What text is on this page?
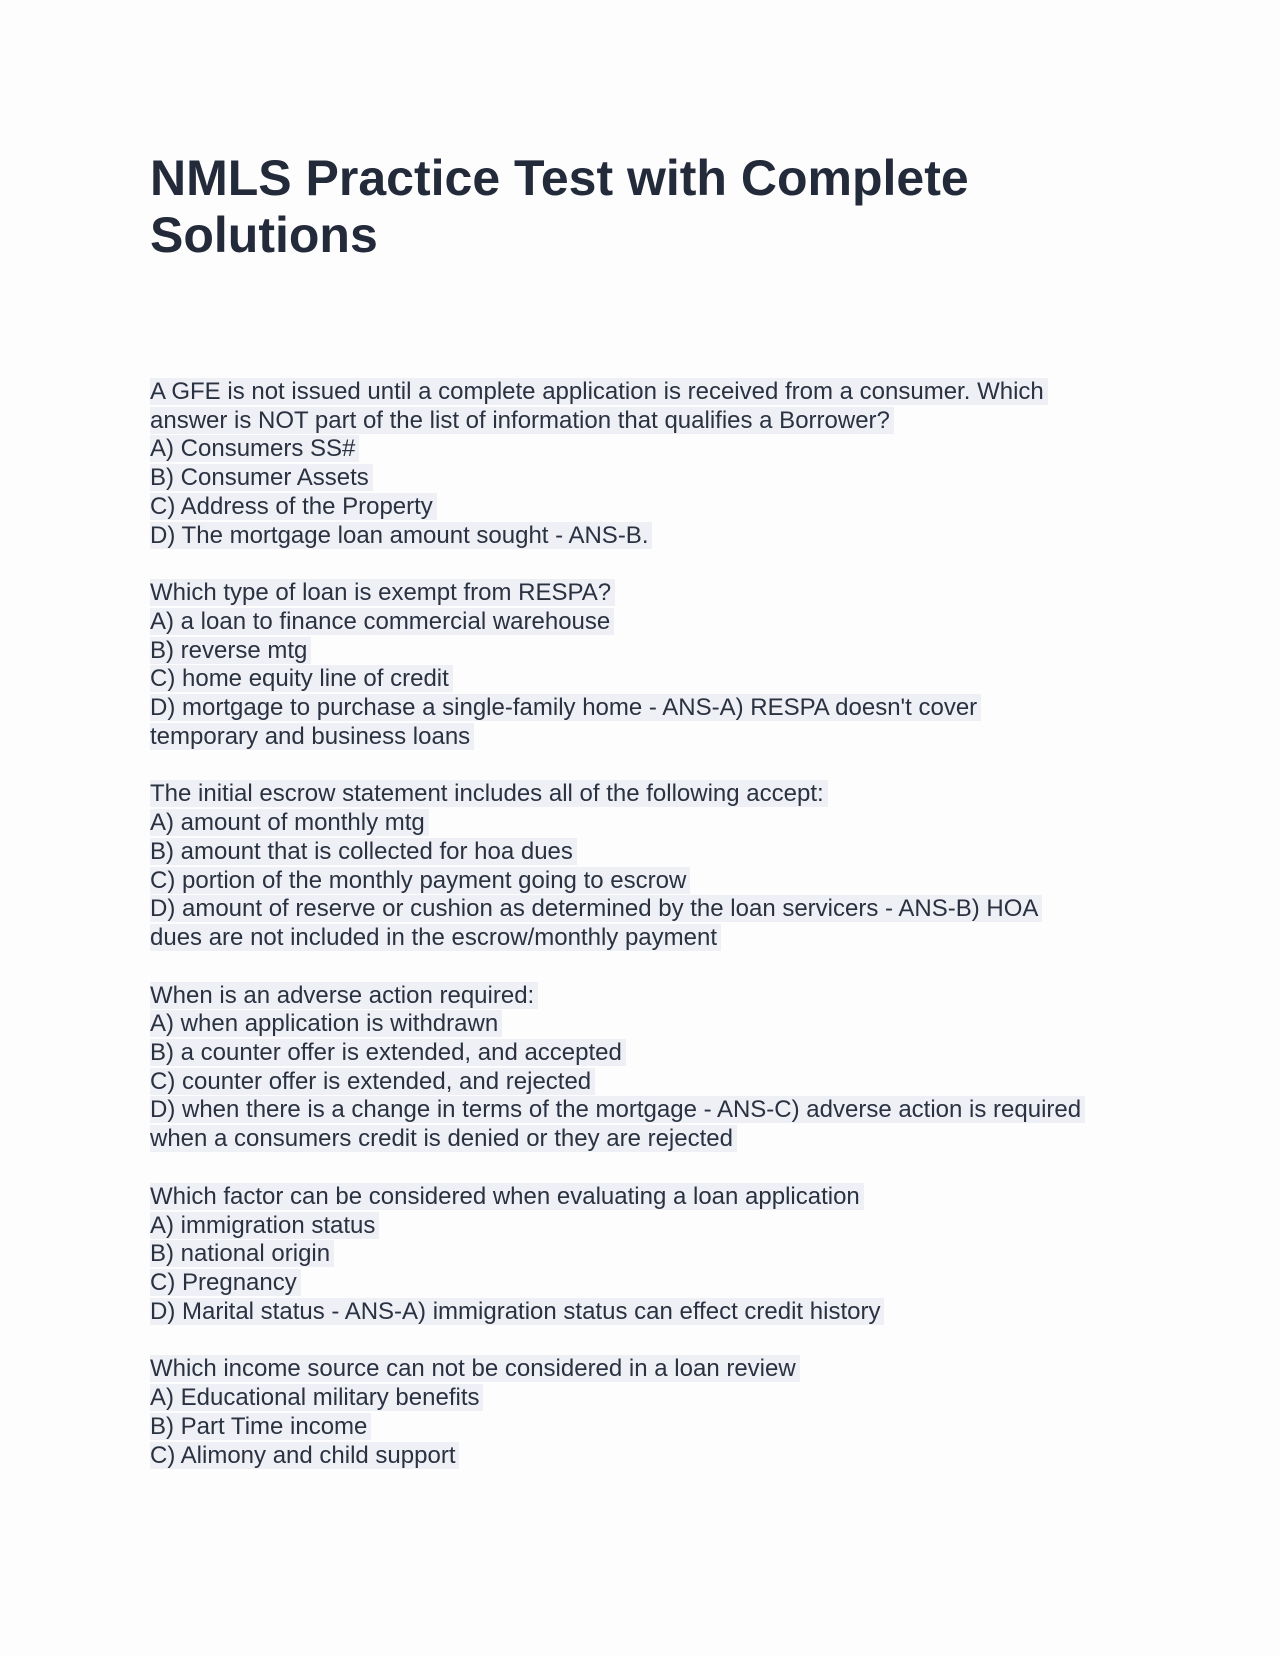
NMLS Practice Test with Complete Solutions
A GFE is not issued until a complete application is received from a consumer. Which
answer is NOT part of the list of information that qualifies a Borrower?
A) Consumers SS#
B) Consumer Assets
C) Address of the Property
D) The mortgage loan amount sought - ANS-B.
Which type of loan is exempt from RESPA?
A) a loan to finance commercial warehouse
B) reverse mtg
C) home equity line of credit
D) mortgage to purchase a single-family home - ANS-A) RESPA doesn't cover
temporary and business loans
The initial escrow statement includes all of the following accept:
A) amount of monthly mtg
B) amount that is collected for hoa dues
C) portion of the monthly payment going to escrow
D) amount of reserve or cushion as determined by the loan servicers - ANS-B) HOA
dues are not included in the escrow/monthly payment
When is an adverse action required:
A) when application is withdrawn
B) a counter offer is extended, and accepted
C) counter offer is extended, and rejected
D) when there is a change in terms of the mortgage - ANS-C) adverse action is required
when a consumers credit is denied or they are rejected
Which factor can be considered when evaluating a loan application
A) immigration status
B) national origin
C) Pregnancy
D) Marital status - ANS-A) immigration status can effect credit history
Which income source can not be considered in a loan review
A) Educational military benefits
B) Part Time income
C) Alimony and child support
